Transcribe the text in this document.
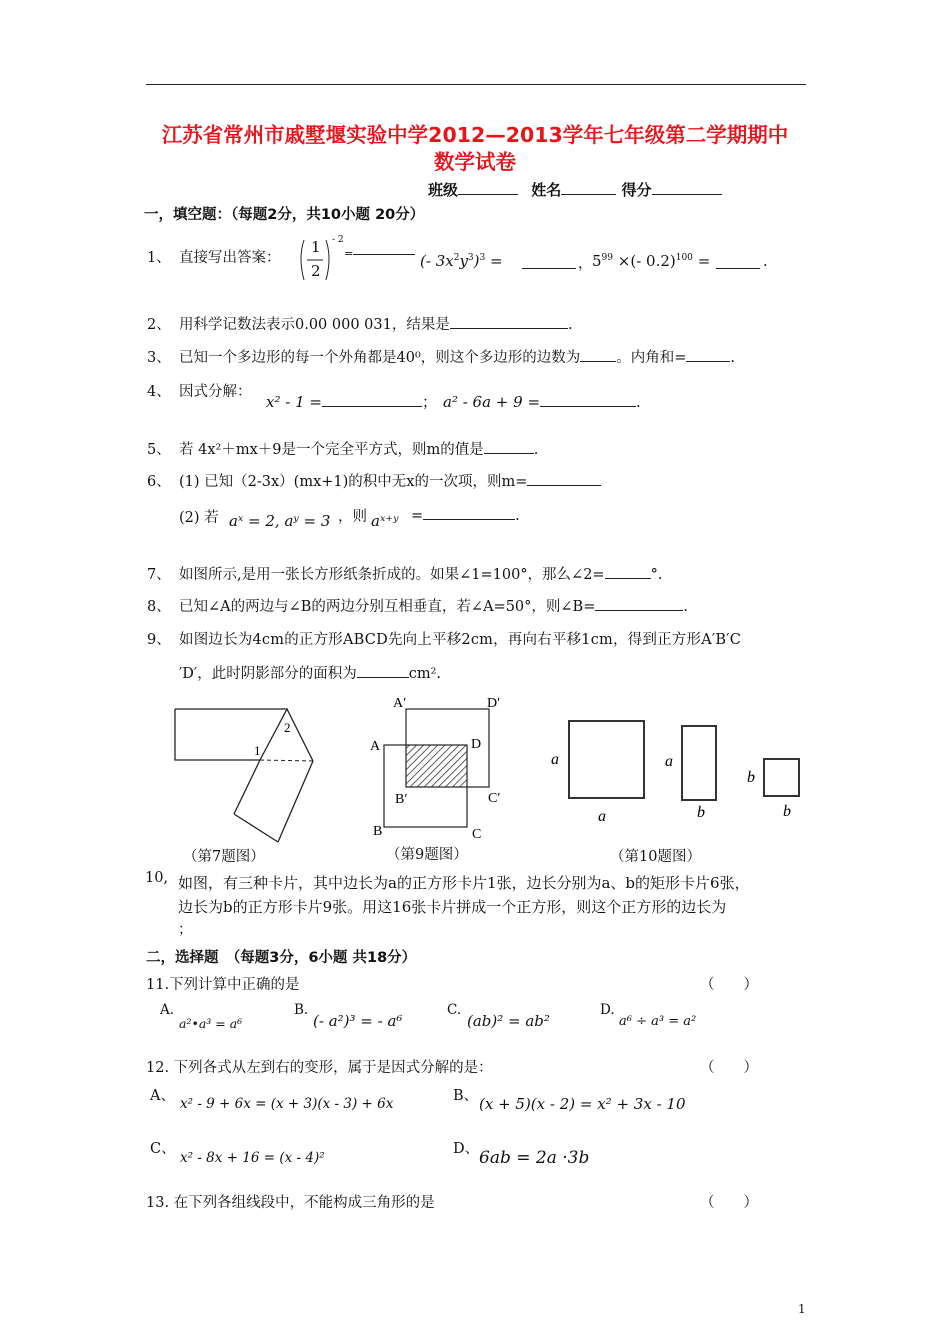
江苏省常州市戚墅堰实验中学2012—2013学年七年级第二学期期中
数学试卷
班级	姓名	得分
一，填空题：（每题2分，共10小题 20分）
1、 直接写出答案：
1
2
- 2
=	(- $3x^2y^3)^3$ =	， $5^{99}$ ×(- 0.2)$^{100}$ =	.
2、 用科学记数法表示0.00 000 031，结果是	.
3、 已知一个多边形的每一个外角都是40⁰，则这个多边形的边数为 。内角和=	.
4、 因式分解：
x² - 1 =	； a² - 6a + 9 =	.
5、 若 4x²＋mx＋9是一个完全平方式，则m的值是	.
6、 (1) 已知（2-3x）(mx+1)的积中无x的一次项，则m=
(2) 若 aˣ = 2, aʸ = 3 ，则 aˣ⁺ʸ =	.
7、 如图所示,是用一张长方形纸条折成的。如果∠1=100°，那么∠2=	°.
8、 已知∠A的两边与∠B的两边分别互相垂直，若∠A=50°，则∠B=	.
9、 如图边长为4cm的正方形ABCD先向上平移2cm，再向右平移1cm，得到正方形A′B′C
′D′，此时阴影部分的面积为	cm².
1
2
（第7题图）
A′	D′
A	D
B′	C′
B	C
（第9题图）
a
a
a
b
b
b
（第10题图）
10, 如图，有三种卡片，其中边长为a的正方形卡片1张，边长分别为a、b的矩形卡片6张，
边长为b的正方形卡片9张。用这16张卡片拼成一个正方形，则这个正方形的边长为
；
二，选择题　（每题3分，6小题 共18分）
11.下列计算中正确的是	（　　）
A.
a²•a³ = a⁶
B.
(- a²)³ = - a⁶
C.
(ab)² = ab²
D.
a⁶ ÷ a³ = a²
12. 下列各式从左到右的变形，属于是因式分解的是：	（　　）
A、 x² - 9 + 6x = (x + 3)(x - 3) + 6x	B、 (x + 5)(x - 2) = x² + 3x - 10
C、
x² - 8x + 16 = (x - 4)²
D、 6ab = 2a ·3b
13. 在下列各组线段中，不能构成三角形的是	（　　）
1
